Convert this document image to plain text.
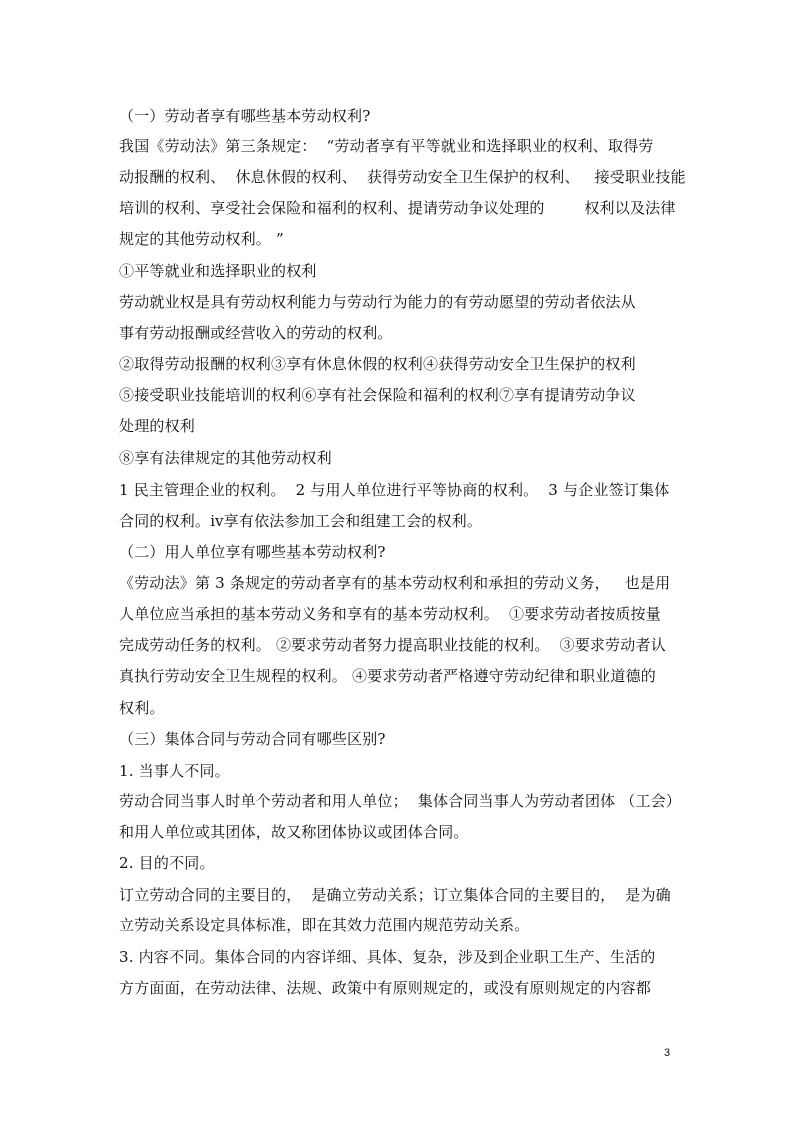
（一）劳动者享有哪些基本劳动权利?
我国《劳动法》第三条规定：  “劳动者享有平等就业和选择职业的权利、取得劳
动报酬的权利、  休息休假的权利、  获得劳动安全卫生保护的权利、   接受职业技能
培训的权利、享受社会保险和福利的权利、提请劳动争议处理的        权利以及法律
规定的其他劳动权利。 ”
①平等就业和选择职业的权利
劳动就业权是具有劳动权利能力与劳动行为能力的有劳动愿望的劳动者依法从
事有劳动报酬或经营收入的劳动的权利。
②取得劳动报酬的权利③享有休息休假的权利④获得劳动安全卫生保护的权利
⑤接受职业技能培训的权利⑥享有社会保险和福利的权利⑦享有提请劳动争议
处理的权利
⑧享有法律规定的其他劳动权利
1 民主管理企业的权利。  2 与用人单位进行平等协商的权利。  3 与企业签订集体
合同的权利。ⅳ享有依法参加工会和组建工会的权利。
（二）用人单位享有哪些基本劳动权利?
《劳动法》第 3 条规定的劳动者享有的基本劳动权利和承担的劳动义务，   也是用
人单位应当承担的基本劳动义务和享有的基本劳动权利。  ①要求劳动者按质按量
完成劳动任务的权利。 ②要求劳动者努力提高职业技能的权利。  ③要求劳动者认
真执行劳动安全卫生规程的权利。 ④要求劳动者严格遵守劳动纪律和职业道德的
权利。
（三）集体合同与劳动合同有哪些区别?
1. 当事人不同。
劳动合同当事人时单个劳动者和用人单位；  集体合同当事人为劳动者团体 （工会）
和用人单位或其团体，故又称团体协议或团体合同。
2. 目的不同。
订立劳动合同的主要目的，  是确立劳动关系；订立集体合同的主要目的，  是为确
立劳动关系设定具体标准，即在其效力范围内规范劳动关系。
3. 内容不同。集体合同的内容详细、具体、复杂，涉及到企业职工生产、生活的
方方面面，在劳动法律、法规、政策中有原则规定的，或没有原则规定的内容都
3
